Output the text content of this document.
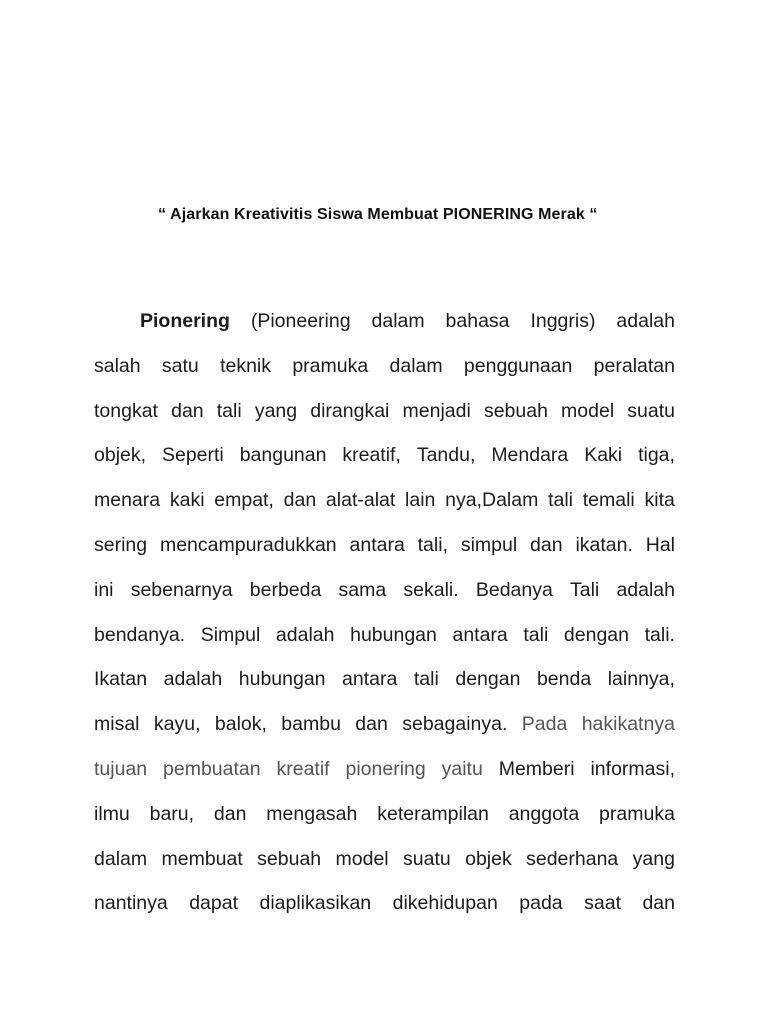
“ Ajarkan Kreativitis Siswa Membuat PIONERING Merak “
Pionering (Pioneering dalam bahasa Inggris) adalah
salah satu teknik pramuka dalam penggunaan peralatan
tongkat dan tali yang dirangkai menjadi sebuah model suatu
objek, Seperti bangunan kreatif, Tandu, Mendara Kaki tiga,
menara kaki empat, dan alat-alat lain nya,Dalam tali temali kita
sering mencampuradukkan antara tali, simpul dan ikatan. Hal
ini sebenarnya berbeda sama sekali. Bedanya Tali adalah
bendanya. Simpul adalah hubungan antara tali dengan tali.
Ikatan adalah hubungan antara tali dengan benda lainnya,
misal kayu, balok, bambu dan sebagainya. Pada hakikatnya
tujuan pembuatan kreatif pionering yaitu Memberi informasi,
ilmu baru, dan mengasah keterampilan anggota pramuka
dalam membuat sebuah model suatu objek sederhana yang
nantinya dapat diaplikasikan dikehidupan pada saat dan
